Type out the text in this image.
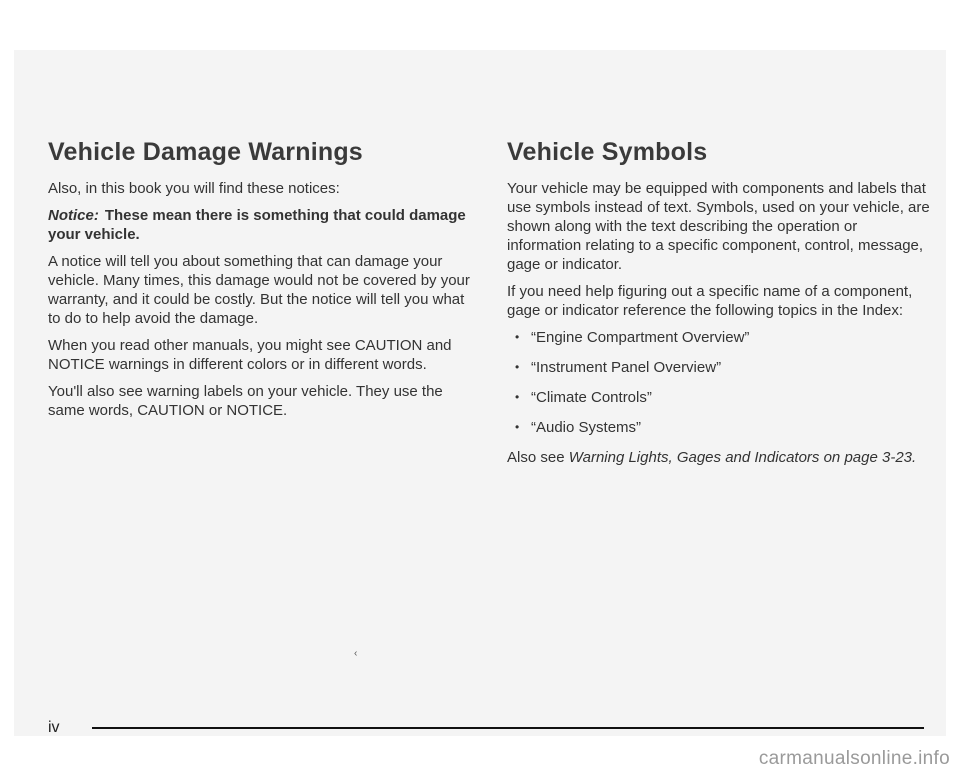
Vehicle Damage Warnings

Also, in this book you will find these notices:

Notice: These mean there is something that could damage your vehicle.

A notice will tell you about something that can damage your vehicle. Many times, this damage would not be covered by your warranty, and it could be costly. But the notice will tell you what to do to help avoid the damage.

When you read other manuals, you might see CAUTION and NOTICE warnings in different colors or in different words.

You'll also see warning labels on your vehicle. They use the same words, CAUTION or NOTICE.

Vehicle Symbols

Your vehicle may be equipped with components and labels that use symbols instead of text. Symbols, used on your vehicle, are shown along with the text describing the operation or information relating to a specific component, control, message, gage or indicator.

If you need help figuring out a specific name of a component, gage or indicator reference the following topics in the Index:

• “Engine Compartment Overview”
• “Instrument Panel Overview”
• “Climate Controls”
• “Audio Systems”

Also see Warning Lights, Gages and Indicators on page 3-23.

‹
iv
carmanualsonline.info
